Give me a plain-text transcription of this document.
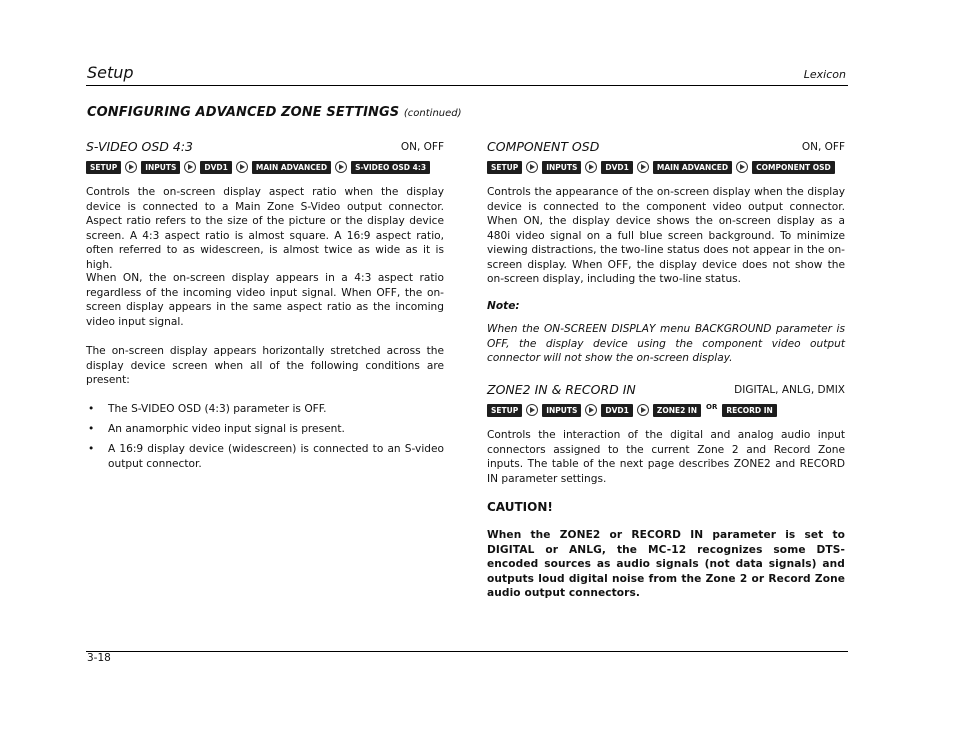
Setup	Lexicon
CONFIGURING ADVANCED ZONE SETTINGS (continued)
S-VIDEO OSD 4:3	ON, OFF
SETUP	INPUTS	DVD1	MAIN ADVANCED	S-VIDEO OSD 4:3

Controls the on-screen display aspect ratio when the display device is connected to a Main Zone S-Video output connector. Aspect ratio refers to the size of the picture or the display device screen. A 4:3 aspect ratio is almost square. A 16:9 aspect ratio, often referred to as widescreen, is almost twice as wide as it is high.

When ON, the on-screen display appears in a 4:3 aspect ratio regardless of the incoming video input signal. When OFF, the on-screen display appears in the same aspect ratio as the incoming video input signal.

The on-screen display appears horizontally stretched across the display device screen when all of the following conditions are present:

• The S-VIDEO OSD (4:3) parameter is OFF.
• An anamorphic video input signal is present.
• A 16:9 display device (widescreen) is connected to an S-video output connector.
COMPONENT OSD	ON, OFF
SETUP	INPUTS	DVD1	MAIN ADVANCED	COMPONENT OSD

Controls the appearance of the on-screen display when the display device is connected to the component video output connector. When ON, the display device shows the on-screen display as a 480i video signal on a full blue screen background. To minimize viewing distractions, the two-line status does not appear in the on-screen display. When OFF, the display device does not show the on-screen display, including the two-line status.

Note:

When the ON-SCREEN DISPLAY menu BACKGROUND parameter is OFF, the display device using the component video output connector will not show the on-screen display.

ZONE2 IN & RECORD IN	DIGITAL, ANLG, DMIX
SETUP	INPUTS	DVD1	ZONE2 IN	OR	RECORD IN

Controls the interaction of the digital and analog audio input connectors assigned to the current Zone 2 and Record Zone inputs. The table of the next page describes ZONE2 and RECORD IN parameter settings.

CAUTION!

When the ZONE2 or RECORD IN parameter is set to DIGITAL or ANLG, the MC-12 recognizes some DTS-encoded sources as audio signals (not data signals) and outputs loud digital noise from the Zone 2 or Record Zone audio output connectors.

3-18
